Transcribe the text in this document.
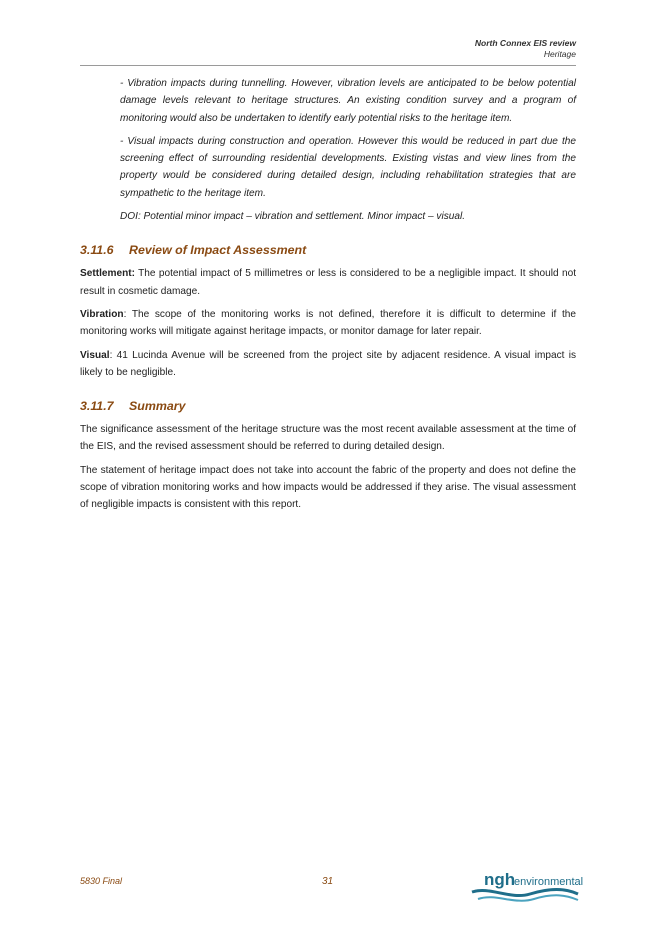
North Connex EIS review
Heritage

- Vibration impacts during tunnelling. However, vibration levels are anticipated to be below potential damage levels relevant to heritage structures. An existing condition survey and a program of monitoring would also be undertaken to identify early potential risks to the heritage item.

- Visual impacts during construction and operation. However this would be reduced in part due the screening effect of surrounding residential developments. Existing vistas and view lines from the property would be considered during detailed design, including rehabilitation strategies that are sympathetic to the heritage item.

DOI: Potential minor impact – vibration and settlement. Minor impact – visual.

3.11.6 Review of Impact Assessment

Settlement: The potential impact of 5 millimetres or less is considered to be a negligible impact. It should not result in cosmetic damage.

Vibration: The scope of the monitoring works is not defined, therefore it is difficult to determine if the monitoring works will mitigate against heritage impacts, or monitor damage for later repair.

Visual: 41 Lucinda Avenue will be screened from the project site by adjacent residence. A visual impact is likely to be negligible.

3.11.7 Summary

The significance assessment of the heritage structure was the most recent available assessment at the time of the EIS, and the revised assessment should be referred to during detailed design.

The statement of heritage impact does not take into account the fabric of the property and does not define the scope of vibration monitoring works and how impacts would be addressed if they arise. The visual assessment of negligible impacts is consistent with this report.

5830 Final	31	ngh
environmental
